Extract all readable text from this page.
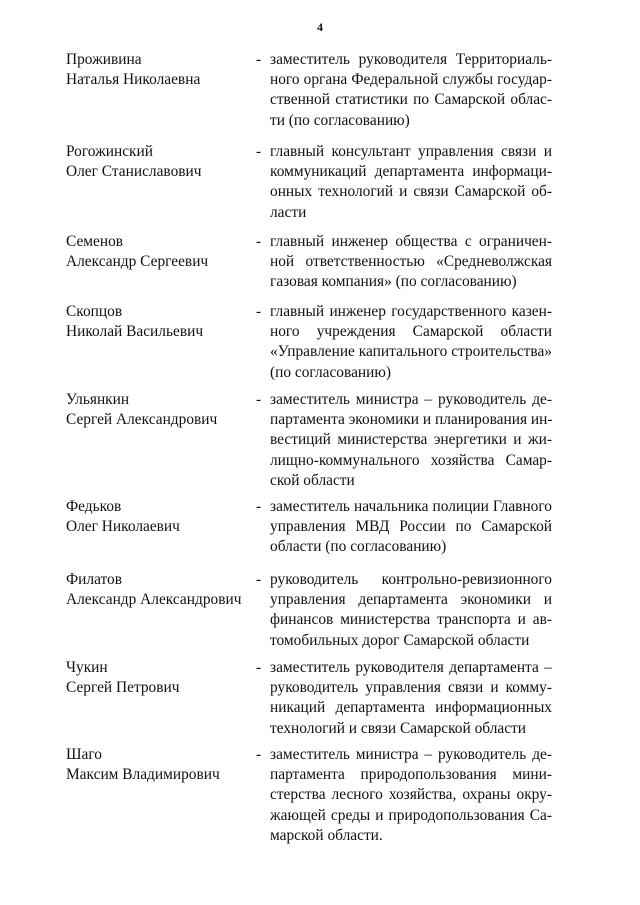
4
Проживина
Наталья Николаевна
- заместитель руководителя Территориаль-
ного органа Федеральной службы государ-
ственной статистики по Самарской облас-
ти (по согласованию)
Рогожинский
Олег Станиславович
- главный консультант управления связи и
коммуникаций департамента информаци-
онных технологий и связи Самарской об-
ласти
Семенов
Александр Сергеевич
- главный инженер общества с ограничен-
ной ответственностью «Средневолжская
газовая компания» (по согласованию)
Скопцов
Николай Васильевич
- главный инженер государственного казен-
ного учреждения Самарской области
«Управление капитального строительства»
(по согласованию)
Ульянкин
Сергей Александрович
- заместитель министра – руководитель де-
партамента экономики и планирования ин-
вестиций министерства энергетики и жи-
лищно-коммунального хозяйства Самар-
ской области
Федьков
Олег Николаевич
- заместитель начальника полиции Главного
управления МВД России по Самарской
области (по согласованию)
Филатов
Александр Александрович
- руководитель контрольно-ревизионного
управления департамента экономики и
финансов министерства транспорта и ав-
томобильных дорог Самарской области
Чукин
Сергей Петрович
- заместитель руководителя департамента –
руководитель управления связи и комму-
никаций департамента информационных
технологий и связи Самарской области
Шаго
Максим Владимирович
- заместитель министра – руководитель де-
партамента природопользования мини-
стерства лесного хозяйства, охраны окру-
жающей среды и природопользования Са-
марской области.
